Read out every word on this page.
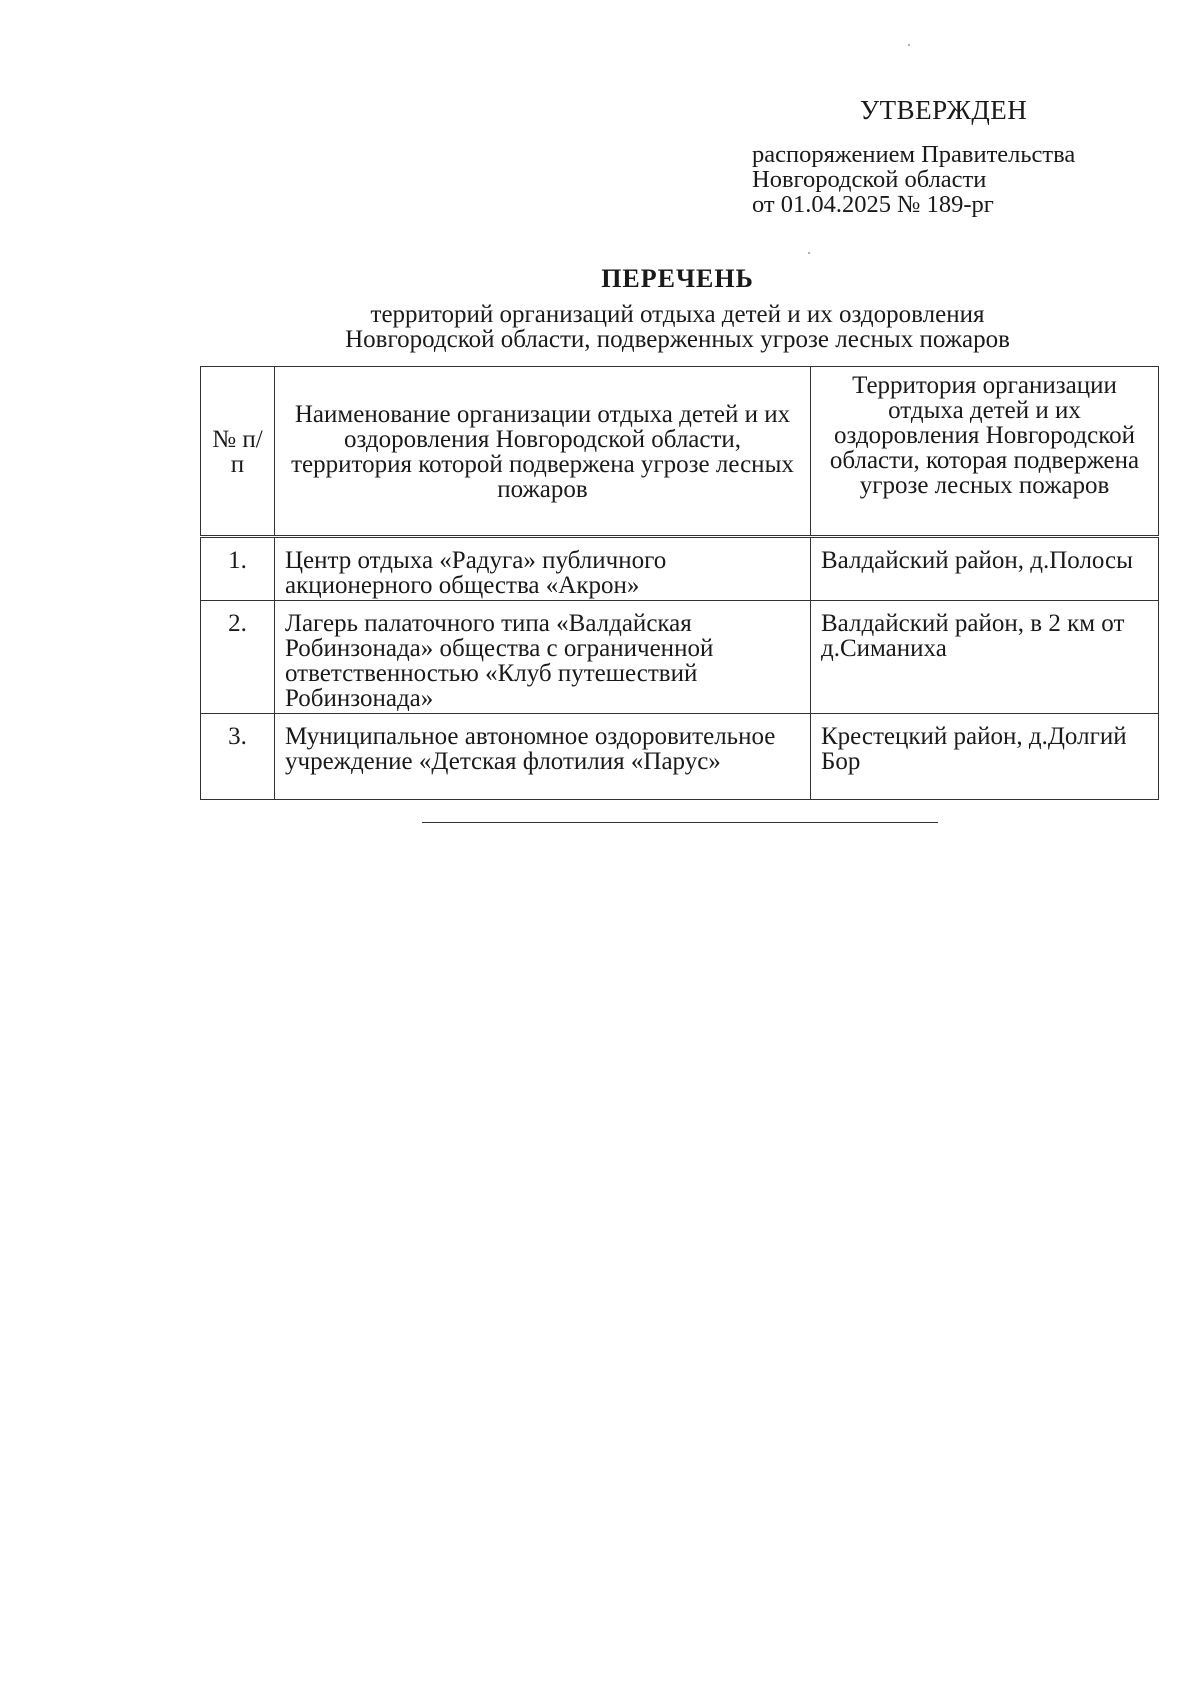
УТВЕРЖДЕН
распоряжением Правительства
Новгородской области
от 01.04.2025 № 189-рг
ПЕРЕЧЕНЬ
территорий организаций отдыха детей и их оздоровления
Новгородской области, подверженных угрозе лесных пожаров
№ п/п	Наименование организации отдыха детей и их оздоровления Новгородской области, территория которой подвержена угрозе лесных пожаров	Территория организации отдыха детей и их оздоровления Новгородской области, которая подвержена угрозе лесных пожаров
1.	Центр отдыха «Радуга» публичного акционерного общества «Акрон»	Валдайский район, д.Полосы
2.	Лагерь палаточного типа «Валдайская Робинзонада» общества с ограниченной ответственностью «Клуб путешествий Робинзонада»	Валдайский район, в 2 км от д.Симаниха
3.	Муниципальное автономное оздоровительное учреждение «Детская флотилия «Парус»	Крестецкий район, д.Долгий Бор
